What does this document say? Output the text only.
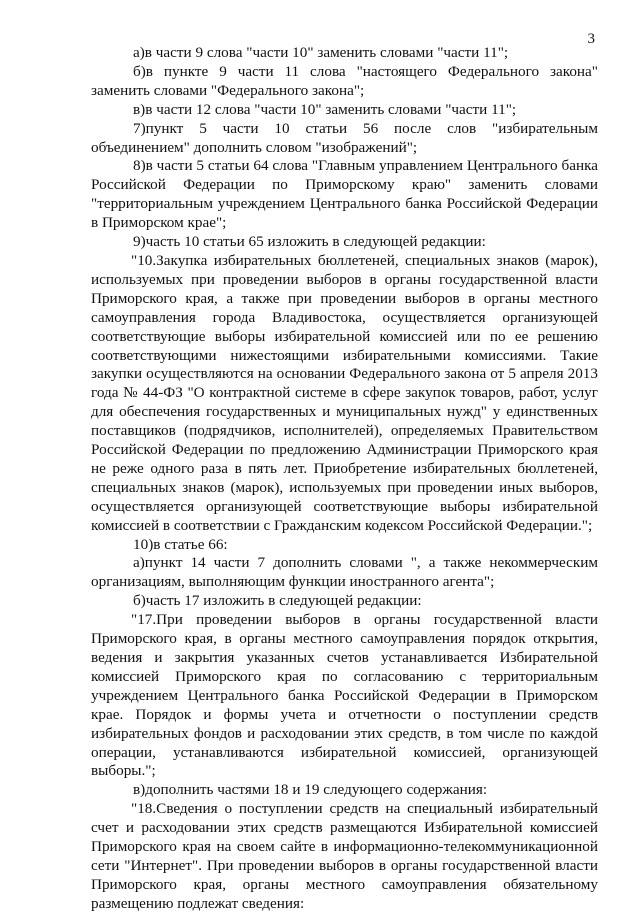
3

а)в части 9 слова "части 10" заменить словами "части 11";

б)в пункте 9 части 11 слова "настоящего Федерального закона" заменить словами "Федерального закона";

в)в части 12 слова "части 10" заменить словами "части 11";

7)пункт 5 части 10 статьи 56 после слов "избирательным объединением" дополнить словом "изображений";

8)в части 5 статьи 64 слова "Главным управлением Центрального банка Российской Федерации по Приморскому краю" заменить словами "территориальным учреждением Центрального банка Российской Федерации в Приморском крае";

9)часть 10 статьи 65 изложить в следующей редакции:

"10.Закупка избирательных бюллетеней, специальных знаков (марок), используемых при проведении выборов в органы государственной власти Приморского края, а также при проведении выборов в органы местного самоуправления города Владивостока, осуществляется организующей соответствующие выборы избирательной комиссией или по ее решению соответствующими нижестоящими избирательными комиссиями. Такие закупки осуществляются на основании Федерального закона от 5 апреля 2013 года № 44-ФЗ "О контрактной системе в сфере закупок товаров, работ, услуг для обеспечения государственных и муниципальных нужд" у единственных поставщиков (подрядчиков, исполнителей), определяемых Правительством Российской Федерации по предложению Администрации Приморского края не реже одного раза в пять лет. Приобретение избирательных бюллетеней, специальных знаков (марок), используемых при проведении иных выборов, осуществляется организующей соответствующие выборы избирательной комиссией в соответствии с Гражданским кодексом Российской Федерации.";

10)в статье 66:

а)пункт 14 части 7 дополнить словами ", а также некоммерческим организациям, выполняющим функции иностранного агента";

б)часть 17 изложить в следующей редакции:

"17.При проведении выборов в органы государственной власти Приморского края, в органы местного самоуправления порядок открытия, ведения и закрытия указанных счетов устанавливается Избирательной комиссией Приморского края по согласованию с территориальным учреждением Центрального банка Российской Федерации в Приморском крае. Порядок и формы учета и отчетности о поступлении средств избирательных фондов и расходовании этих средств, в том числе по каждой операции, устанавливаются избирательной комиссией, организующей выборы.";

в)дополнить частями 18 и 19 следующего содержания:

"18.Сведения о поступлении средств на специальный избирательный счет и расходовании этих средств размещаются Избирательной комиссией Приморского края на своем сайте в информационно-телекоммуникационной сети "Интернет". При проведении выборов в органы государственной власти Приморского края, органы местного самоуправления обязательному размещению подлежат сведения:
